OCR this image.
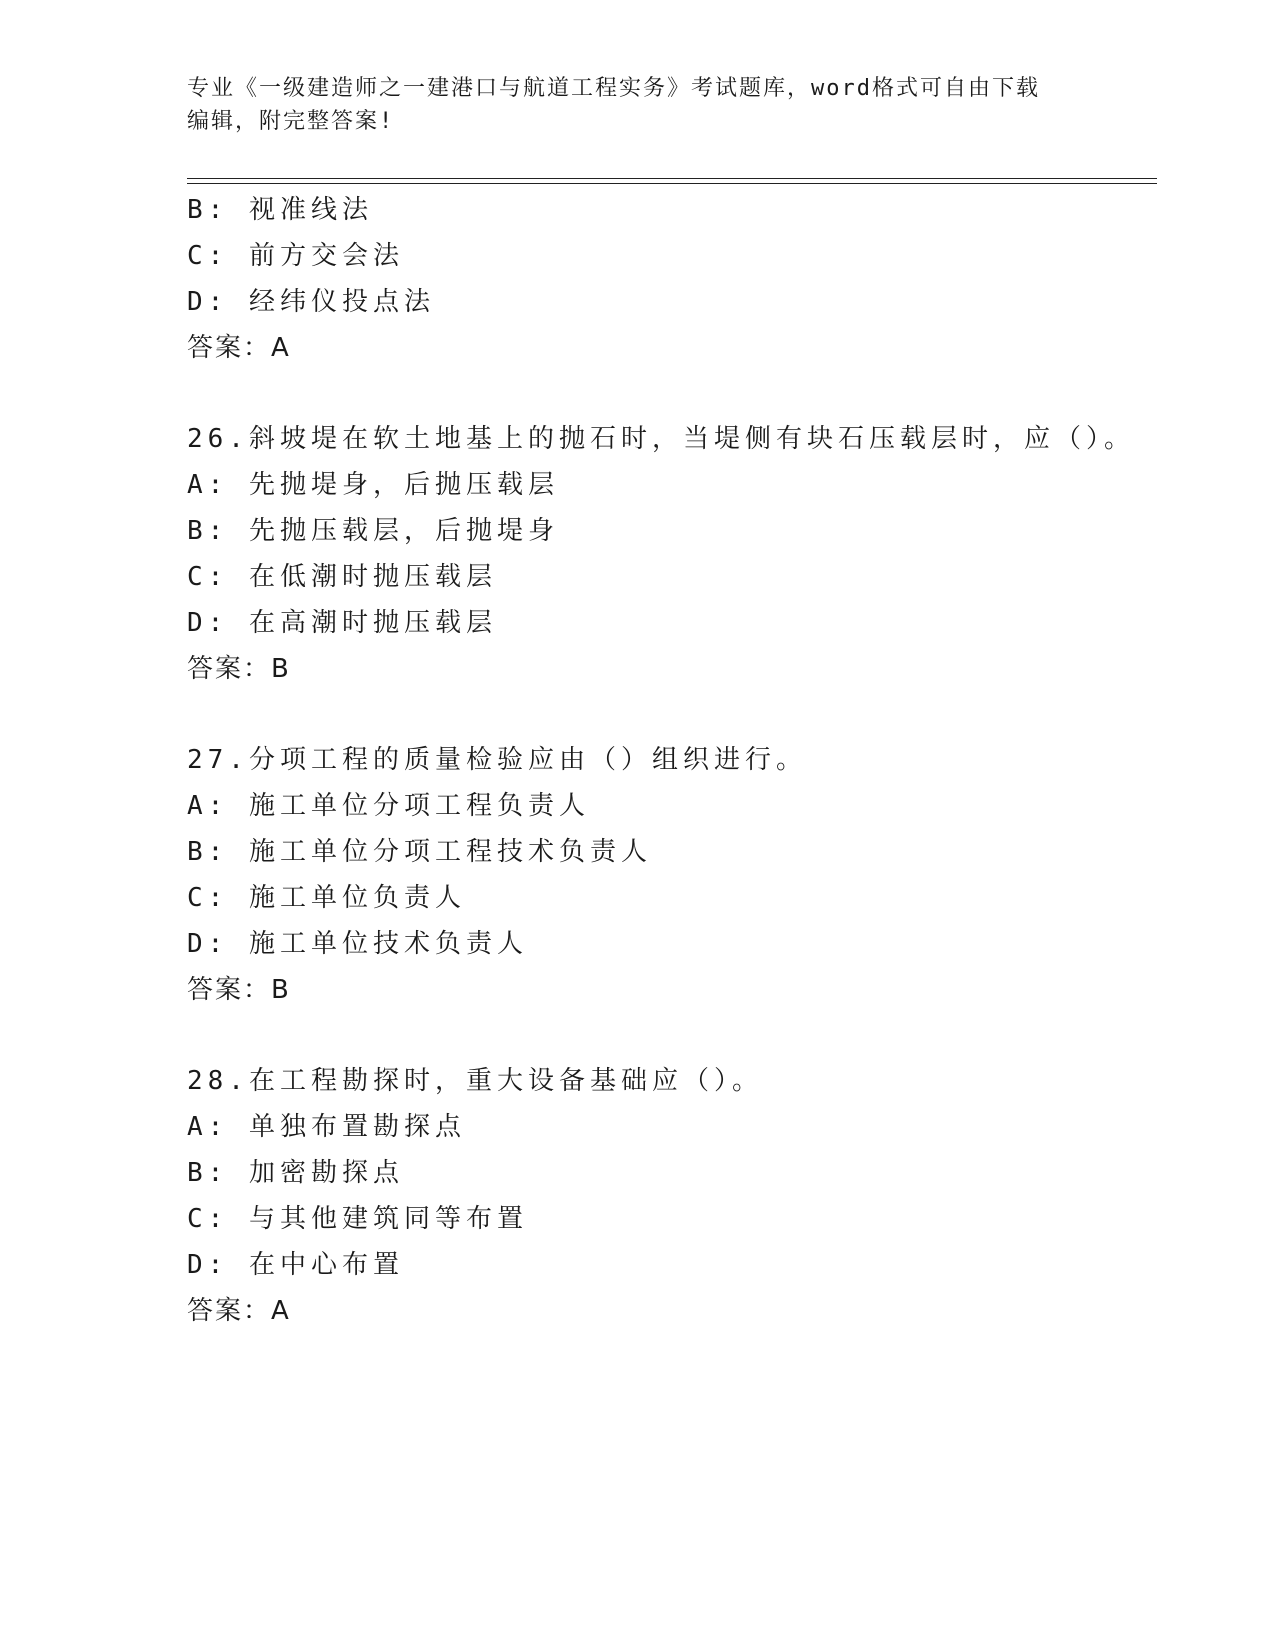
专业《一级建造师之一建港口与航道工程实务》考试题库，word格式可自由下载
编辑，附完整答案!
B: 视准线法
C: 前方交会法
D: 经纬仪投点法
答案：A
26.斜坡堤在软土地基上的抛石时，当堤侧有块石压载层时，应（）。
A: 先抛堤身，后抛压载层
B: 先抛压载层，后抛堤身
C: 在低潮时抛压载层
D: 在高潮时抛压载层
答案：B
27.分项工程的质量检验应由（）组织进行。
A: 施工单位分项工程负责人
B: 施工单位分项工程技术负责人
C: 施工单位负责人
D: 施工单位技术负责人
答案：B
28.在工程勘探时，重大设备基础应（）。
A: 单独布置勘探点
B: 加密勘探点
C: 与其他建筑同等布置
D: 在中心布置
答案：A
